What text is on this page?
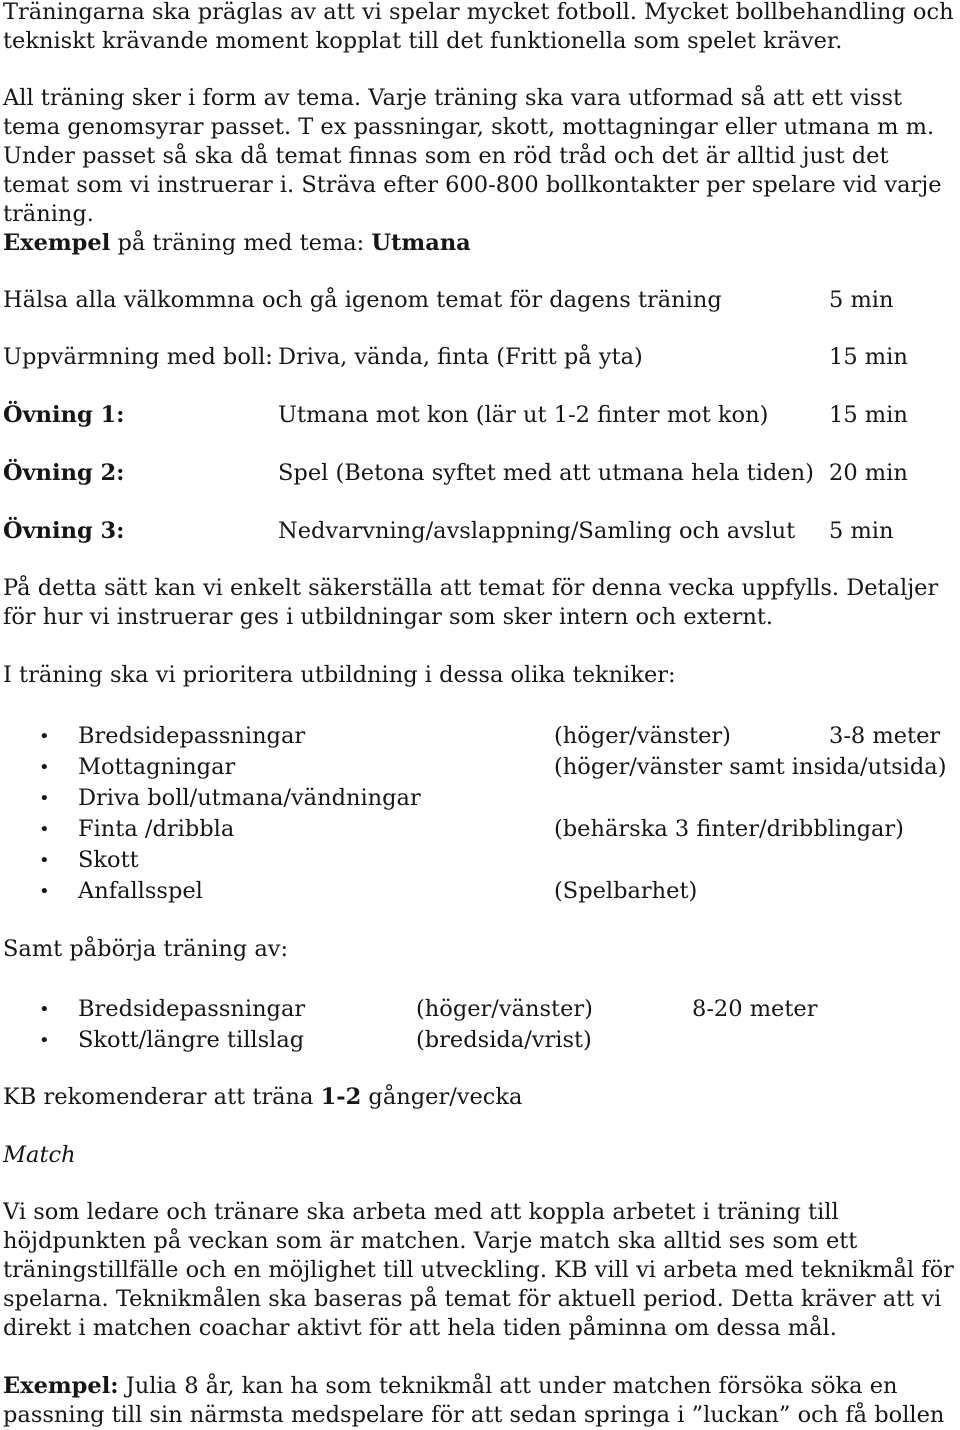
Träningarna ska präglas av att vi spelar mycket fotboll. Mycket bollbehandling och tekniskt krävande moment kopplat till det funktionella som spelet kräver.

All träning sker i form av tema. Varje träning ska vara utformad så att ett visst tema genomsyrar passet. T ex passningar, skott, mottagningar eller utmana m m. Under passet så ska då temat finnas som en röd tråd och det är alltid just det temat som vi instruerar i. Sträva efter 600-800 bollkontakter per spelare vid varje träning.

Exempel på träning med tema: Utmana

Hälsa alla välkommna och gå igenom temat för dagens träning	5 min
Uppvärmning med boll: Driva, vända, finta (Fritt på yta)	15 min
Övning 1:	Utmana mot kon (lär ut 1-2 finter mot kon)	15 min
Övning 2:	Spel (Betona syftet med att utmana hela tiden) 20 min
Övning 3:	Nedvarvning/avslappning/Samling och avslut 5 min

På detta sätt kan vi enkelt säkerställa att temat för denna vecka uppfylls. Detaljer för hur vi instruerar ges i utbildningar som sker intern och externt.

I träning ska vi prioritera utbildning i dessa olika tekniker:

• Bredsidepassningar	(höger/vänster)	3-8 meter
• Mottagningar	(höger/vänster samt insida/utsida)
• Driva boll/utmana/vändningar
• Finta /dribbla	(behärska 3 finter/dribblingar)
• Skott
• Anfallsspel	(Spelbarhet)

Samt påbörja träning av:

• Bredsidepassningar	(höger/vänster)	8-20 meter
• Skott/längre tillslag	(bredsida/vrist)

KB rekomenderar att träna 1-2 gånger/vecka

Match

Vi som ledare och tränare ska arbeta med att koppla arbetet i träning till höjdpunkten på veckan som är matchen. Varje match ska alltid ses som ett träningstillfälle och en möjlighet till utveckling. KB vill vi arbeta med teknikmål för spelarna. Teknikmålen ska baseras på temat för aktuell period. Detta kräver att vi direkt i matchen coachar aktivt för att hela tiden påminna om dessa mål.

Exempel: Julia 8 år, kan ha som teknikmål att under matchen försöka söka en passning till sin närmsta medspelare för att sedan springa i ”luckan” och få bollen
